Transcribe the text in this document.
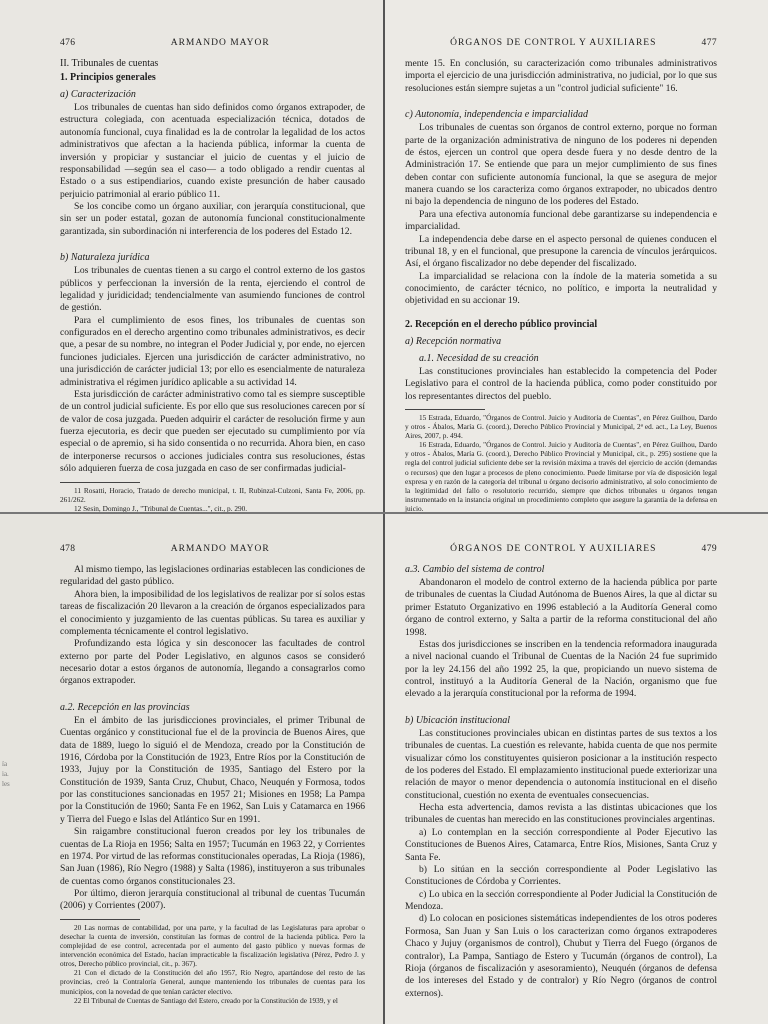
476	ARMANDO MAYOR
II. Tribunales de cuentas
1. Principios generales
a) Caracterización

Los tribunales de cuentas han sido definidos como órganos extrapoder, de estructura colegiada, con acentuada especialización técnica, dotados de autonomía funcional, cuya finalidad es la de controlar la legalidad de los actos administrativos que afectan a la hacienda pública, informar la cuenta de inversión y propiciar y sustanciar el juicio de cuentas y el juicio de responsabilidad —según sea el caso— a todo obligado a rendir cuentas al Estado o a sus estipendiarios, cuando existe presunción de haber causado perjuicio patrimonial al erario público 11.

Se los concibe como un órgano auxiliar, con jerarquía constitucional, que sin ser un poder estatal, gozan de autonomía funcional constitucionalmente garantizada, sin subordinación ni interferencia de los poderes del Estado 12.

b) Naturaleza jurídica

Los tribunales de cuentas tienen a su cargo el control externo de los gastos públicos y perfeccionan la inversión de la renta, ejerciendo el control de legalidad y juridicidad; tendencialmente van asumiendo funciones de control de gestión.

Para el cumplimiento de esos fines, los tribunales de cuentas son configurados en el derecho argentino como tribunales administrativos, es decir que, a pesar de su nombre, no integran el Poder Judicial y, por ende, no ejercen funciones judiciales. Ejercen una jurisdicción de carácter administrativo, no una jurisdicción de carácter judicial 13; por ello es esencialmente de naturaleza administrativa el régimen jurídico aplicable a su actividad 14.

Esta jurisdicción de carácter administrativo como tal es siempre susceptible de un control judicial suficiente. Es por ello que sus resoluciones carecen por sí de valor de cosa juzgada. Pueden adquirir el carácter de resolución firme y aun fuerza ejecutoria, es decir que pueden ser ejecutado su cumplimiento por vía especial o de apremio, si ha sido consentida o no recurrida. Ahora bien, en caso de interponerse recursos o acciones judiciales contra sus resoluciones, éstas sólo adquieren fuerza de cosa juzgada en caso de ser confirmadas judicial-

11 Rosatti, Horacio, Tratado de derecho municipal, t. II, Rubinzal-Culzoni, Santa Fe, 2006, pp. 261/262.

12 Sesin, Domingo J., "Tribunal de Cuentas...", cit., p. 290.

ÓRGANOS DE CONTROL Y AUXILIARES	477

mente 15. En conclusión, su caracterización como tribunales administrativos importa el ejercicio de una jurisdicción administrativa, no judicial, por lo que sus resoluciones están siempre sujetas a un "control judicial suficiente" 16.

c) Autonomía, independencia e imparcialidad

Los tribunales de cuentas son órganos de control externo, porque no forman parte de la organización administrativa de ninguno de los poderes ni dependen de éstos, ejercen un control que opera desde fuera y no desde dentro de la Administración 17. Se entiende que para un mejor cumplimiento de sus fines deben contar con suficiente autonomía funcional, la que se asegura de mejor manera cuando se los caracteriza como órganos extrapoder, no ubicados dentro ni bajo la dependencia de ninguno de los poderes del Estado.

Para una efectiva autonomía funcional debe garantizarse su independencia e imparcialidad.

La independencia debe darse en el aspecto personal de quienes conducen el tribunal 18, y en el funcional, que presupone la carencia de vínculos jerárquicos. Así, el órgano fiscalizador no debe depender del fiscalizado.

La imparcialidad se relaciona con la índole de la materia sometida a su conocimiento, de carácter técnico, no político, e importa la neutralidad y objetividad en su accionar 19.

2. Recepción en el derecho público provincial
a) Recepción normativa
a.1. Necesidad de su creación

Las constituciones provinciales han establecido la competencia del Poder Legislativo para el control de la hacienda pública, como poder constituido por los representantes directos del pueblo.

15 Estrada, Eduardo, "Órganos de Control. Juicio y Auditoría de Cuentas", en Pérez Guilhou, Dardo y otros - Ábalos, María G. (coord.), Derecho Público Provincial y Municipal, 2ª ed. act., La Ley, Buenos Aires, 2007, p. 494.

16 Estrada, Eduardo, "Órganos de Control. Juicio y Auditoría de Cuentas", en Pérez Guilhou, Dardo y otros - Ábalos, María G. (coord.), Derecho Público Provincial y Municipal, cit., p. 295) sostiene que la regla del control judicial suficiente debe ser la revisión máxima a través del ejercicio de acción (demandas o recursos) que den lugar a procesos de pleno conocimiento. Puede limitarse por vía de disposición legal expresa y en razón de la categoría del tribunal u órgano decisorio administrativo, al solo conocimiento de la legitimidad del fallo o resolutorio recurrido, siempre que dichos tribunales u órganos tengan instrumentado en la instancia original un procedimiento completo que asegure la garantía de la defensa en juicio.

478	ARMANDO MAYOR

Al mismo tiempo, las legislaciones ordinarias establecen las condiciones de regularidad del gasto público.

Ahora bien, la imposibilidad de los legislativos de realizar por sí solos estas tareas de fiscalización 20 llevaron a la creación de órganos especializados para el conocimiento y juzgamiento de las cuentas públicas. Su tarea es auxiliar y complementa técnicamente el control legislativo.

Profundizando esta lógica y sin desconocer las facultades de control externo por parte del Poder Legislativo, en algunos casos se consideró necesario dotar a estos órganos de autonomía, llegando a consagrarlos como órganos extrapoder.

a.2. Recepción en las provincias

En el ámbito de las jurisdicciones provinciales, el primer Tribunal de Cuentas orgánico y constitucional fue el de la provincia de Buenos Aires, que data de 1889, luego lo siguió el de Mendoza, creado por la Constitución de 1916, Córdoba por la Constitución de 1923, Entre Ríos por la Constitución de 1933, Jujuy por la Constitución de 1935, Santiago del Estero por la Constitución de 1939, Santa Cruz, Chubut, Chaco, Neuquén y Formosa, todos por las constituciones sancionadas en 1957 21; Misiones en 1958; La Pampa por la Constitución de 1960; Santa Fe en 1962, San Luis y Catamarca en 1966 y Tierra del Fuego e Islas del Atlántico Sur en 1991.

Sin raigambre constitucional fueron creados por ley los tribunales de cuentas de La Rioja en 1956; Salta en 1957; Tucumán en 1963 22, y Corrientes en 1974. Por virtud de las reformas constitucionales operadas, La Rioja (1986), San Juan (1986), Río Negro (1988) y Salta (1986), instituyeron a sus tribunales de cuentas como órganos constitucionales 23.

Por último, dieron jerarquía constitucional al tribunal de cuentas Tucumán (2006) y Corrientes (2007).

20 Las normas de contabilidad, por una parte, y la facultad de las Legislaturas para aprobar o desechar la cuenta de inversión, constituían las formas de control de la hacienda pública. Pero la complejidad de ese control, acrecentada por el aumento del gasto público y nuevas formas de intervención económica del Estado, hacían impracticable la fiscalización legislativa (Pérez, Pedro J. y otros, Derecho público provincial, cit., p. 367).

21 Con el dictado de la Constitución del año 1957, Río Negro, apartándose del resto de las provincias, creó la Contraloría General, aunque manteniendo los tribunales de cuentas para los municipios, con la novedad de que tenían carácter electivo.

22 El Tribunal de Cuentas de Santiago del Estero, creado por la Constitución de 1939, y el

ÓRGANOS DE CONTROL Y AUXILIARES	479
a.3. Cambio del sistema de control

Abandonaron el modelo de control externo de la hacienda pública por parte de tribunales de cuentas la Ciudad Autónoma de Buenos Aires, la que al dictar su primer Estatuto Organizativo en 1996 estableció a la Auditoría General como órgano de control externo, y Salta a partir de la reforma constitucional del año 1998.

Estas dos jurisdicciones se inscriben en la tendencia reformadora inaugurada a nivel nacional cuando el Tribunal de Cuentas de la Nación 24 fue suprimido por la ley 24.156 del año 1992 25, la que, propiciando un nuevo sistema de control, instituyó a la Auditoría General de la Nación, organismo que fue elevado a la jerarquía constitucional por la reforma de 1994.

b) Ubicación institucional

Las constituciones provinciales ubican en distintas partes de sus textos a los tribunales de cuentas. La cuestión es relevante, habida cuenta de que nos permite visualizar cómo los constituyentes quisieron posicionar a la institución respecto de los poderes del Estado. El emplazamiento institucional puede exteriorizar una relación de mayor o menor dependencia o autonomía institucional en el diseño constitucional, cuestión no exenta de eventuales consecuencias.

Hecha esta advertencia, damos revista a las distintas ubicaciones que los tribunales de cuentas han merecido en las constituciones provinciales argentinas.

a) Lo contemplan en la sección correspondiente al Poder Ejecutivo las Constituciones de Buenos Aires, Catamarca, Entre Ríos, Misiones, Santa Cruz y Santa Fe.

b) Lo sitúan en la sección correspondiente al Poder Legislativo las Constituciones de Córdoba y Corrientes.

c) Lo ubica en la sección correspondiente al Poder Judicial la Constitución de Mendoza.

d) Lo colocan en posiciones sistemáticas independientes de los otros poderes Formosa, San Juan y San Luis o los caracterizan como órganos extrapoderes Chaco y Jujuy (organismos de control), Chubut y Tierra del Fuego (órganos de contralor), La Pampa, Santiago de Estero y Tucumán (órganos de control), La Rioja (órganos de fiscalización y asesoramiento), Neuquén (órganos de defensa de los intereses del Estado y de contralor) y Río Negro (órganos de control externos).

ía
ia.
les
